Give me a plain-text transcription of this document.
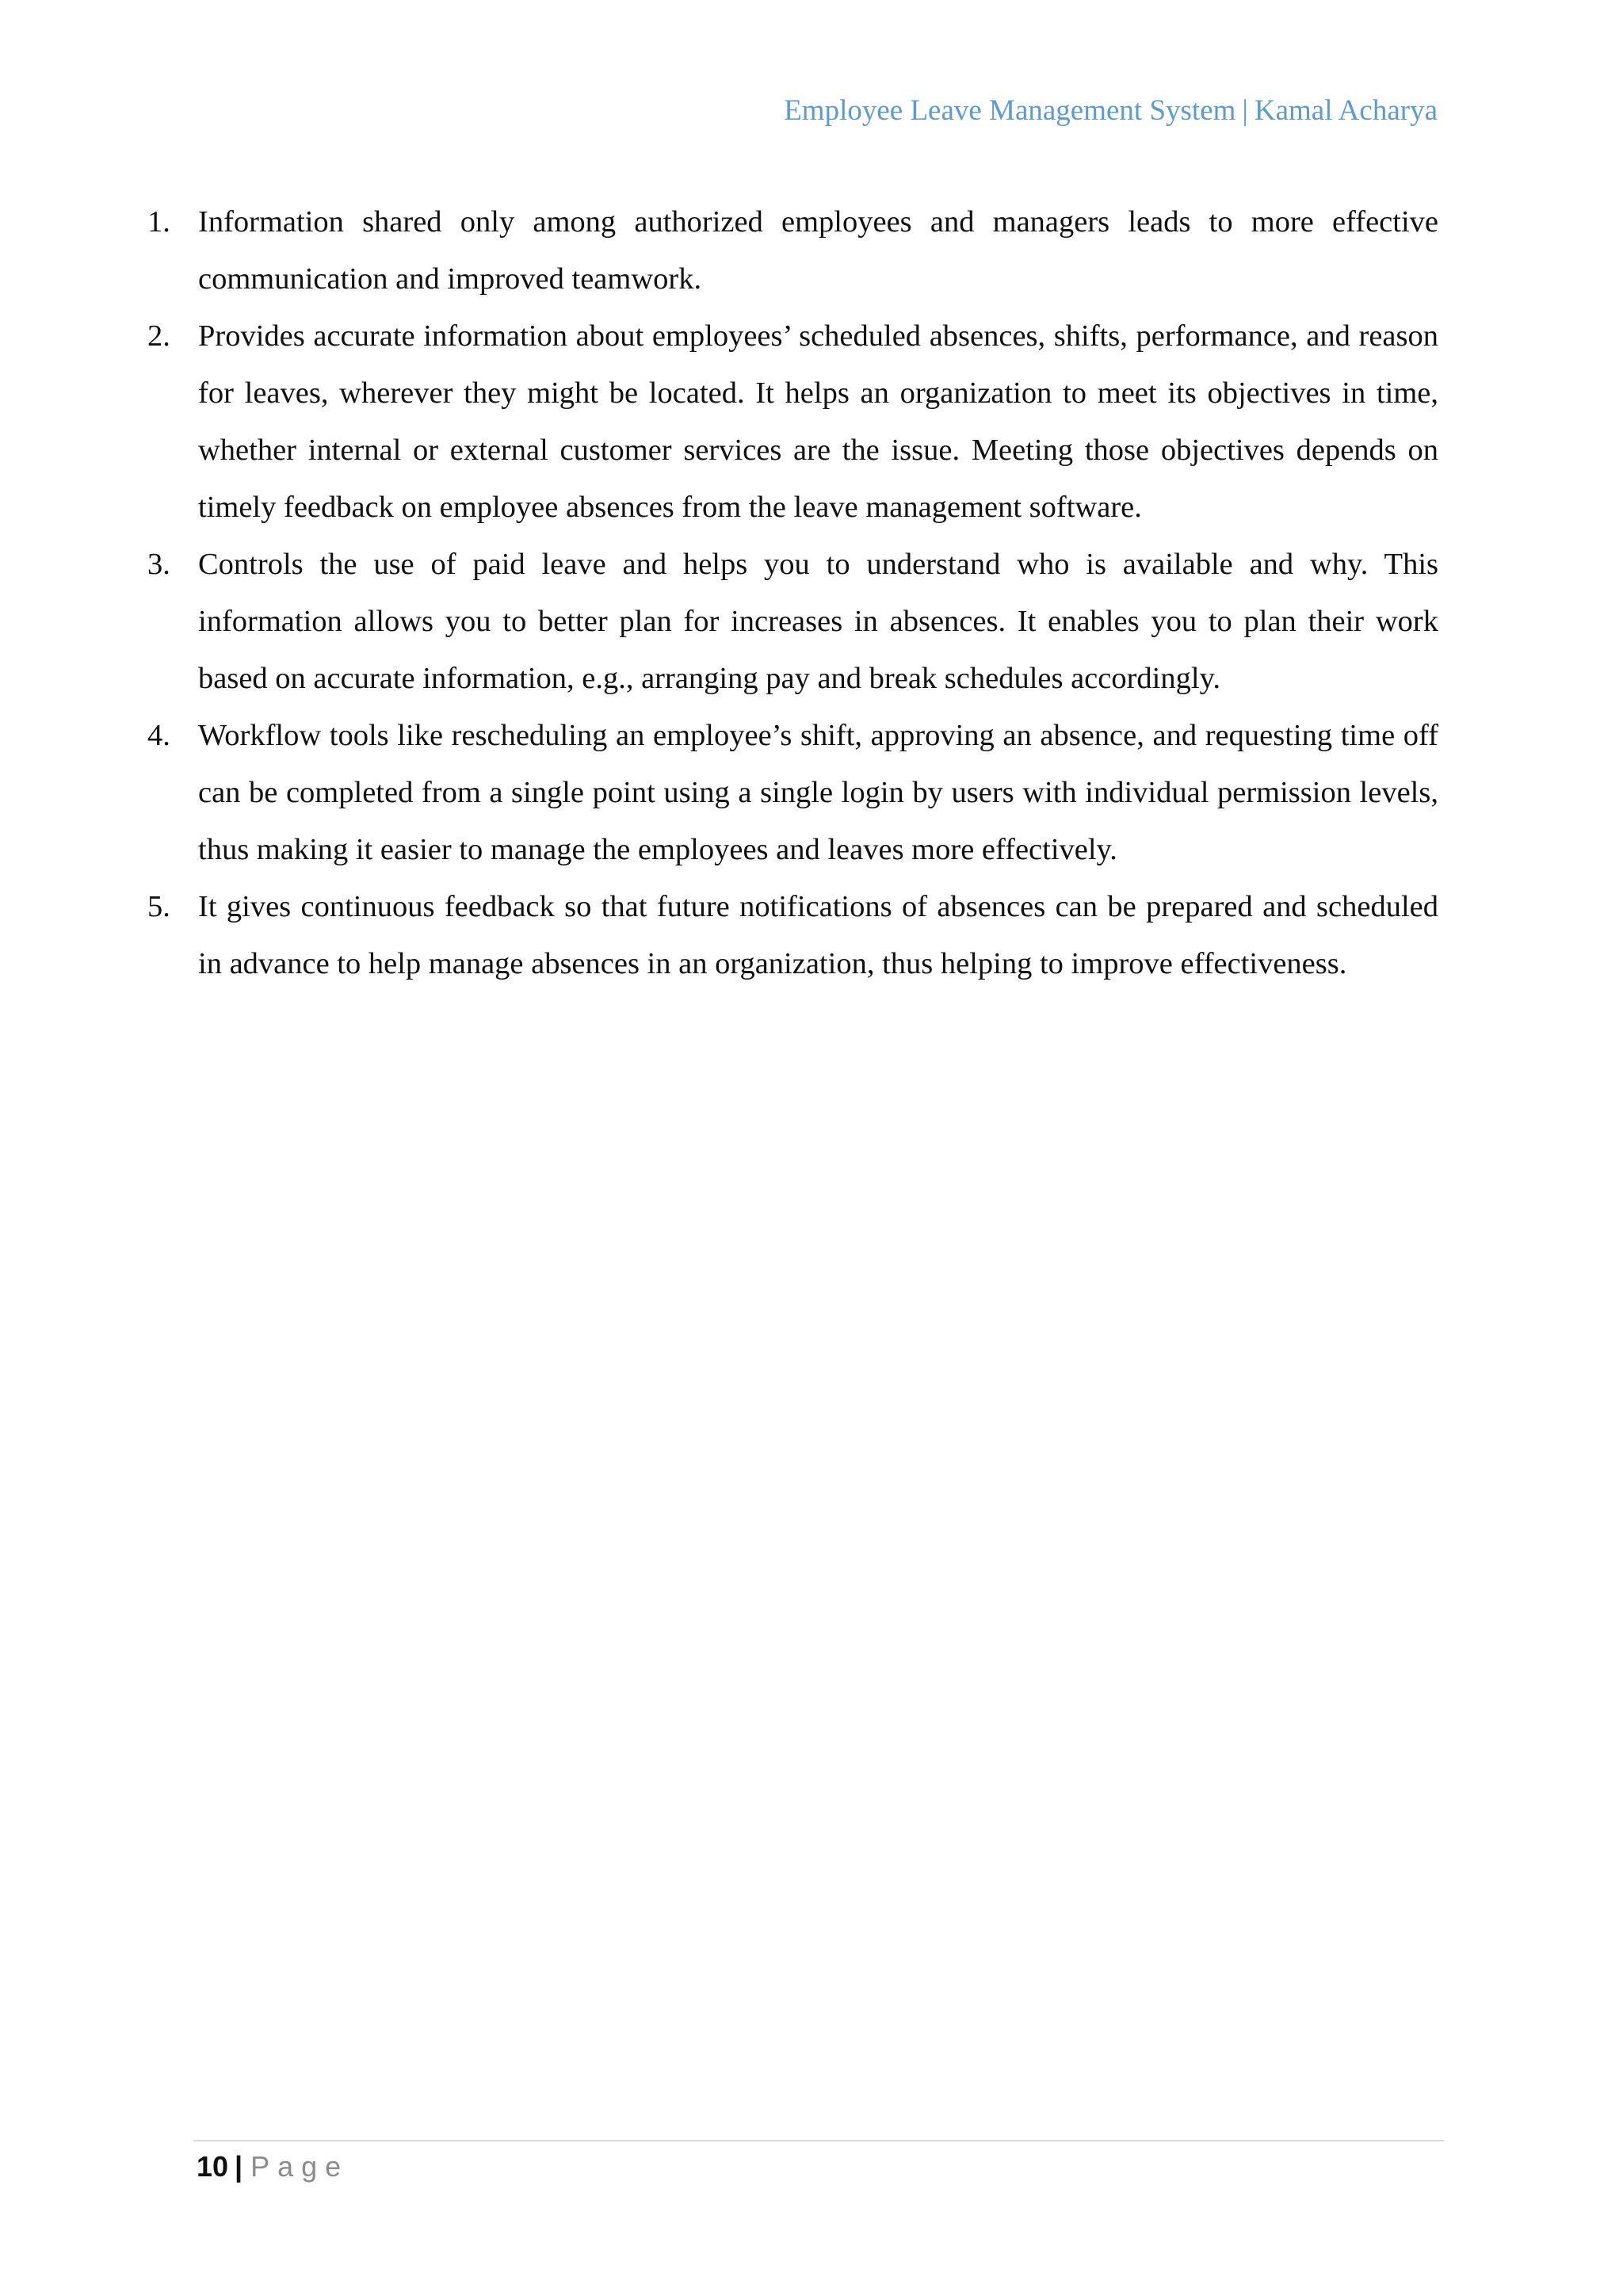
Employee Leave Management System | Kamal Acharya
1. Information shared only among authorized employees and managers leads to more effective communication and improved teamwork.
2. Provides accurate information about employees’ scheduled absences, shifts, performance, and reason for leaves, wherever they might be located. It helps an organization to meet its objectives in time, whether internal or external customer services are the issue. Meeting those objectives depends on timely feedback on employee absences from the leave management software.
3. Controls the use of paid leave and helps you to understand who is available and why. This information allows you to better plan for increases in absences. It enables you to plan their work based on accurate information, e.g., arranging pay and break schedules accordingly.
4. Workflow tools like rescheduling an employee’s shift, approving an absence, and requesting time off can be completed from a single point using a single login by users with individual permission levels, thus making it easier to manage the employees and leaves more effectively.
5. It gives continuous feedback so that future notifications of absences can be prepared and scheduled in advance to help manage absences in an organization, thus helping to improve effectiveness.
10 | Page
